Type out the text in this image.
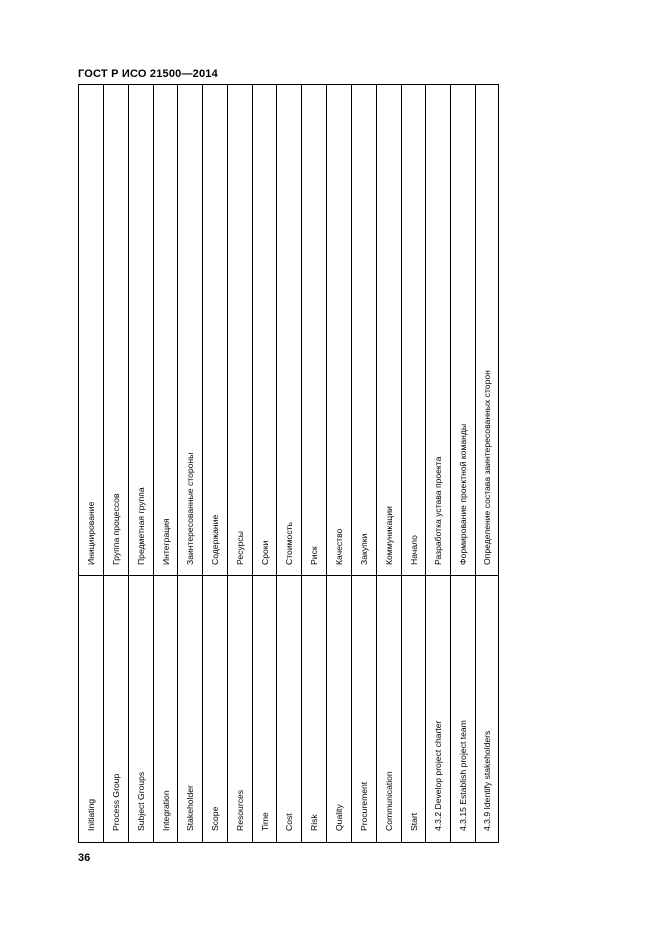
ГОСТ Р ИСО 21500—2014
Инициирование
Initiating
Группа процессов
Process Group
Предметная группа
Subject Groups
Интеграция
Integration
Заинтересованные стороны
Stakeholder
Содержание
Scope
Ресурсы
Resources
Сроки
Time
Стоимость
Cost
Риск
Risk
Качество
Quality
Закупки
Procurement
Коммуникации
Communication
Начало
Start
Разработка устава проекта
4.3.2 Develop project charter
Формирование проектной команды
4.3.15 Establish project team
Определение состава заинтересованных сторон
4.3.9 Identify stakeholders
36
